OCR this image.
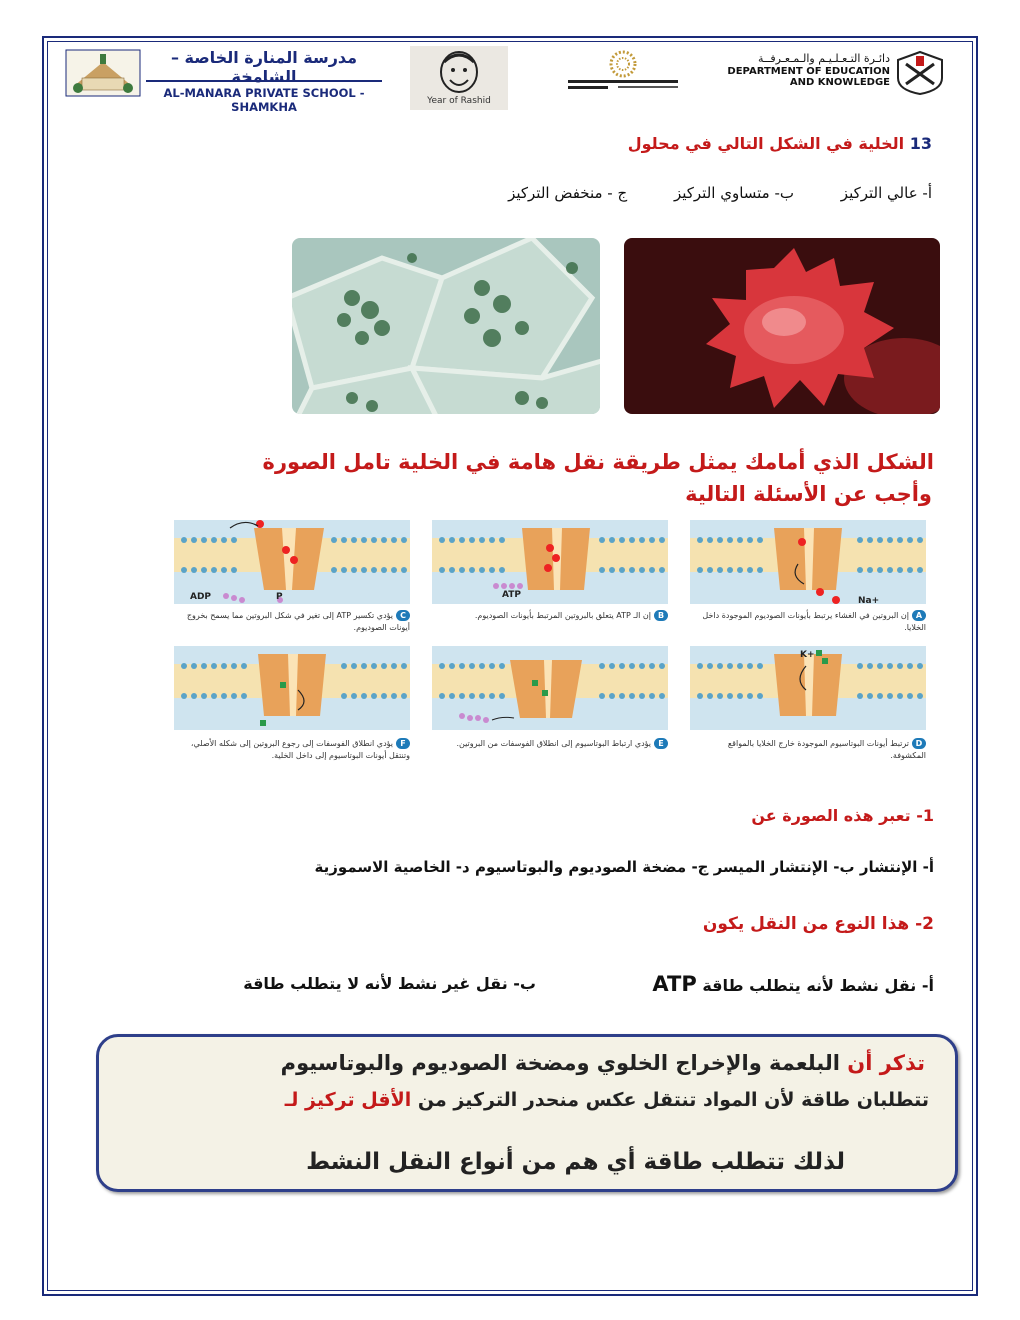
مدرسة المنارة الخاصة – الشامخة
AL-MANARA PRIVATE SCHOOL - SHAMKHA	Year of Rashid
دائـرة التـعـلـيـم والـمـعـرفــة
DEPARTMENT OF EDUCATION
AND KNOWLEDGE
13 الخلية في الشكل التالي في محلول
أ- عالي التركيز ب- متساوي التركيز ج - منخفض التركيز
الشكل الذي أمامك يمثل طريقة نقل هامة في الخلية تامل الصورة
وأجب عن الأسئلة التالية
ADP	P
Cيؤدي تكسير ATP إلى تغير في شكل البروتين مما يسمح بخروج أيونات الصوديوم.
ATP
Bإن الـ ATP يتعلق بالبروتين المرتبط بأيونات الصوديوم.
Na+
Aإن البروتين في الغشاء يرتبط بأيونات الصوديوم الموجودة داخل الخلايا.
Fيؤدي انطلاق الفوسفات إلى رجوع البروتين إلى شكله الأصلي، وتنتقل أيونات البوتاسيوم إلى داخل الخلية.
Eيؤدي ارتباط البوتاسيوم إلى انطلاق الفوسفات من البروتين.
K+
Dترتبط أيونات البوتاسيوم الموجودة خارج الخلايا بالمواقع المكشوفة.
1- تعبر هذه الصورة عن
أ- الإنتشار ب- الإنتشار الميسر ج- مضخة الصوديوم والبوتاسيوم د- الخاصية الاسموزية
2- هذا النوع من النقل يكون
أ- نقل نشط لأنه يتطلب طاقة ATP
ب- نقل غير نشط لأنه لا يتطلب طاقة
تذكر أن البلعمة والإخراج الخلوي ومضخة الصوديوم والبوتاسيوم
تتطلبان طاقة لأن المواد تنتقل عكس منحدر التركيز من الأقل تركيز لـ
لذلك تتطلب طاقة أي هم من أنواع النقل النشط
